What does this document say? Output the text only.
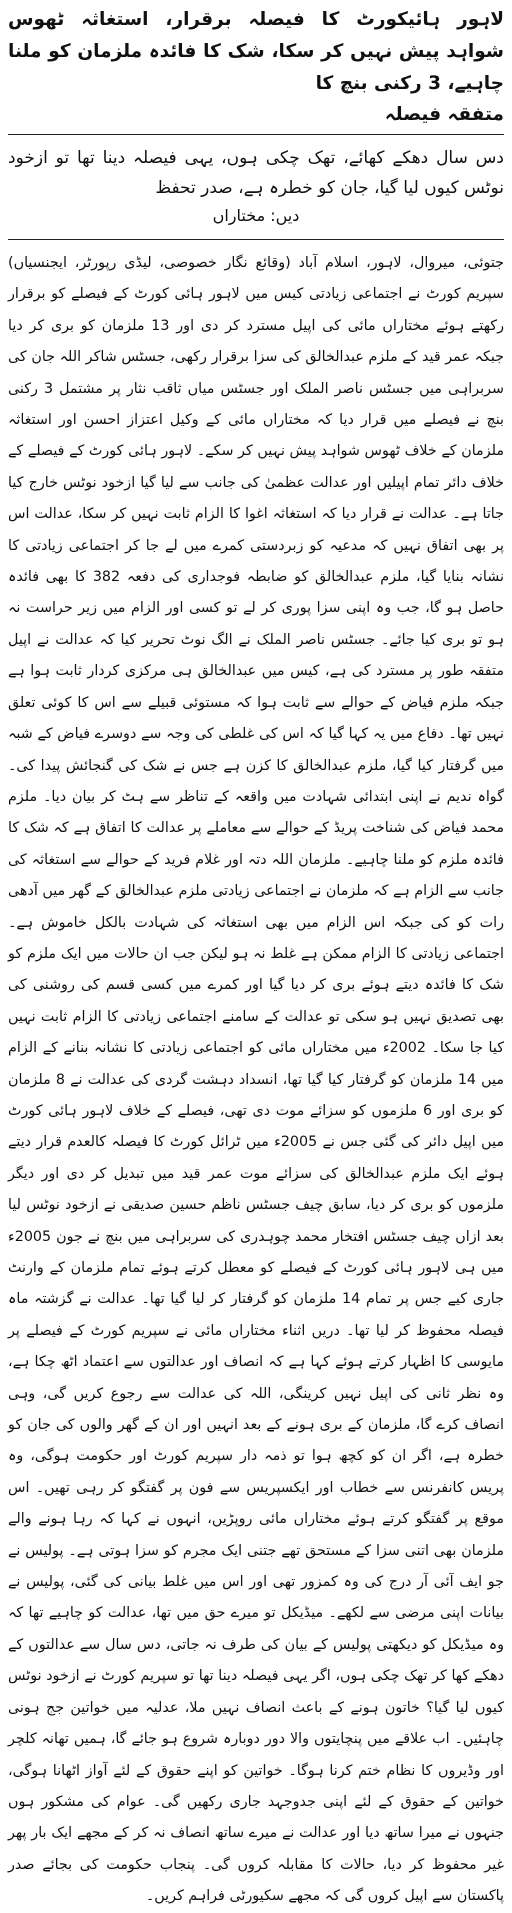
لاہور ہائیکورٹ کا فیصلہ برقرار، استغاثہ ٹھوس شواہد پیش نہیں کر سکا، شک کا فائدہ ملزمان کو ملنا چاہیے، 3 رکنی بنچ کا

متفقہ فیصلہ

دس سال دھکے کھائے، تھک چکی ہوں، یہی فیصلہ دینا تھا تو ازخود نوٹس کیوں لیا گیا، جان کو خطرہ ہے، صدر تحفظ

دیں: مختاراں

جتوئی، میروال، لاہور، اسلام آباد (وقائع نگار خصوصی، لیڈی رپورٹر، ایجنسیاں) سپریم کورٹ نے اجتماعی زیادتی کیس میں لاہور ہائی کورٹ کے فیصلے کو برقرار رکھتے ہوئے مختاراں مائی کی اپیل مسترد کر دی اور 13 ملزمان کو بری کر دیا جبکہ عمر قید کے ملزم عبدالخالق کی سزا برقرار رکھی، جسٹس شاکر اللہ جان کی سربراہی میں جسٹس ناصر الملک اور جسٹس میاں ثاقب نثار پر مشتمل 3 رکنی بنچ نے فیصلے میں قرار دیا کہ مختاراں مائی کے وکیل اعتزاز احسن اور استغاثہ ملزمان کے خلاف ٹھوس شواہد پیش نہیں کر سکے۔ لاہور ہائی کورٹ کے فیصلے کے خلاف دائر تمام اپیلیں اور عدالت عظمیٰ کی جانب سے لیا گیا ازخود نوٹس خارج کیا جاتا ہے۔ عدالت نے قرار دیا کہ استغاثہ اغوا کا الزام ثابت نہیں کر سکا، عدالت اس پر بھی اتفاق نہیں کہ مدعیہ کو زبردستی کمرے میں لے جا کر اجتماعی زیادتی کا نشانہ بنایا گیا، ملزم عبدالخالق کو ضابطہ فوجداری کی دفعہ 382 کا بھی فائدہ حاصل ہو گا، جب وہ اپنی سزا پوری کر لے تو کسی اور الزام میں زیر حراست نہ ہو تو بری کیا جائے۔ جسٹس ناصر الملک نے الگ نوٹ تحریر کیا کہ عدالت نے اپیل متفقہ طور پر مسترد کی ہے، کیس میں عبدالخالق ہی مرکزی کردار ثابت ہوا ہے جبکہ ملزم فیاض کے حوالے سے ثابت ہوا کہ مستوئی قبیلے سے اس کا کوئی تعلق نہیں تھا۔ دفاع میں یہ کہا گیا کہ اس کی غلطی کی وجہ سے دوسرے فیاض کے شبہ میں گرفتار کیا گیا، ملزم عبدالخالق کا کزن ہے جس نے شک کی گنجائش پیدا کی۔ گواہ ندیم نے اپنی ابتدائی شہادت میں واقعہ کے تناظر سے ہٹ کر بیان دیا۔ ملزم محمد فیاض کی شناخت پریڈ کے حوالے سے معاملے پر عدالت کا اتفاق ہے کہ شک کا فائدہ ملزم کو ملنا چاہیے۔ ملزمان اللہ دتہ اور غلام فرید کے حوالے سے استغاثہ کی جانب سے الزام ہے کہ ملزمان نے اجتماعی زیادتی ملزم عبدالخالق کے گھر میں آدھی رات کو کی جبکہ اس الزام میں بھی استغاثہ کی شہادت بالکل خاموش ہے۔ اجتماعی زیادتی کا الزام ممکن ہے غلط نہ ہو لیکن جب ان حالات میں ایک ملزم کو شک کا فائدہ دیتے ہوئے بری کر دیا گیا اور کمرے میں کسی قسم کی روشنی کی بھی تصدیق نہیں ہو سکی تو عدالت کے سامنے اجتماعی زیادتی کا الزام ثابت نہیں کیا جا سکا۔ 2002ء میں مختاراں مائی کو اجتماعی زیادتی کا نشانہ بنانے کے الزام میں 14 ملزمان کو گرفتار کیا گیا تھا، انسداد دہشت گردی کی عدالت نے 8 ملزمان کو بری اور 6 ملزموں کو سزائے موت دی تھی، فیصلے کے خلاف لاہور ہائی کورٹ میں اپیل دائر کی گئی جس نے 2005ء میں ٹرائل کورٹ کا فیصلہ کالعدم قرار دیتے ہوئے ایک ملزم عبدالخالق کی سزائے موت عمر قید میں تبدیل کر دی اور دیگر ملزموں کو بری کر دیا، سابق چیف جسٹس ناظم حسین صدیقی نے ازخود نوٹس لیا بعد ازاں چیف جسٹس افتخار محمد چوہدری کی سربراہی میں بنچ نے جون 2005ء میں ہی لاہور ہائی کورٹ کے فیصلے کو معطل کرتے ہوئے تمام ملزمان کے وارنٹ جاری کیے جس پر تمام 14 ملزمان کو گرفتار کر لیا گیا تھا۔ عدالت نے گزشتہ ماہ فیصلہ محفوظ کر لیا تھا۔ دریں اثناء مختاراں مائی نے سپریم کورٹ کے فیصلے پر مایوسی کا اظہار کرتے ہوئے کہا ہے کہ انصاف اور عدالتوں سے اعتماد اٹھ چکا ہے، وہ نظر ثانی کی اپیل نہیں کرینگی، اللہ کی عدالت سے رجوع کریں گی، وہی انصاف کرے گا، ملزمان کے بری ہونے کے بعد انہیں اور ان کے گھر والوں کی جان کو خطرہ ہے، اگر ان کو کچھ ہوا تو ذمہ دار سپریم کورٹ اور حکومت ہوگی، وہ پریس کانفرنس سے خطاب اور ایکسپریس سے فون پر گفتگو کر رہی تھیں۔ اس موقع پر گفتگو کرتے ہوئے مختاراں مائی روپڑیں، انہوں نے کہا کہ رہا ہونے والے ملزمان بھی اتنی سزا کے مستحق تھے جتنی ایک مجرم کو سزا ہوتی ہے۔ پولیس نے جو ایف آئی آر درج کی وہ کمزور تھی اور اس میں غلط بیانی کی گئی، پولیس نے بیانات اپنی مرضی سے لکھے۔ میڈیکل تو میرے حق میں تھا، عدالت کو چاہیے تھا کہ وہ میڈیکل کو دیکھتی پولیس کے بیان کی طرف نہ جاتی، دس سال سے عدالتوں کے دھکے کھا کر تھک چکی ہوں، اگر یہی فیصلہ دینا تھا تو سپریم کورٹ نے ازخود نوٹس کیوں لیا گیا؟ خاتون ہونے کے باعث انصاف نہیں ملا، عدلیہ میں خواتین جج ہونی چاہئیں۔ اب علاقے میں پنچایتوں والا دور دوبارہ شروع ہو جائے گا، ہمیں تھانہ کلچر اور وڈیروں کا نظام ختم کرنا ہوگا۔ خواتین کو اپنے حقوق کے لئے آواز اٹھانا ہوگی، خواتین کے حقوق کے لئے اپنی جدوجہد جاری رکھیں گی۔ عوام کی مشکور ہوں جنہوں نے میرا ساتھ دیا اور عدالت نے میرے ساتھ انصاف نہ کر کے مجھے ایک بار پھر غیر محفوظ کر دیا، حالات کا مقابلہ کروں گی۔ پنجاب حکومت کی بجائے صدر پاکستان سے اپیل کروں گی کہ مجھے سکیورٹی فراہم کریں۔
